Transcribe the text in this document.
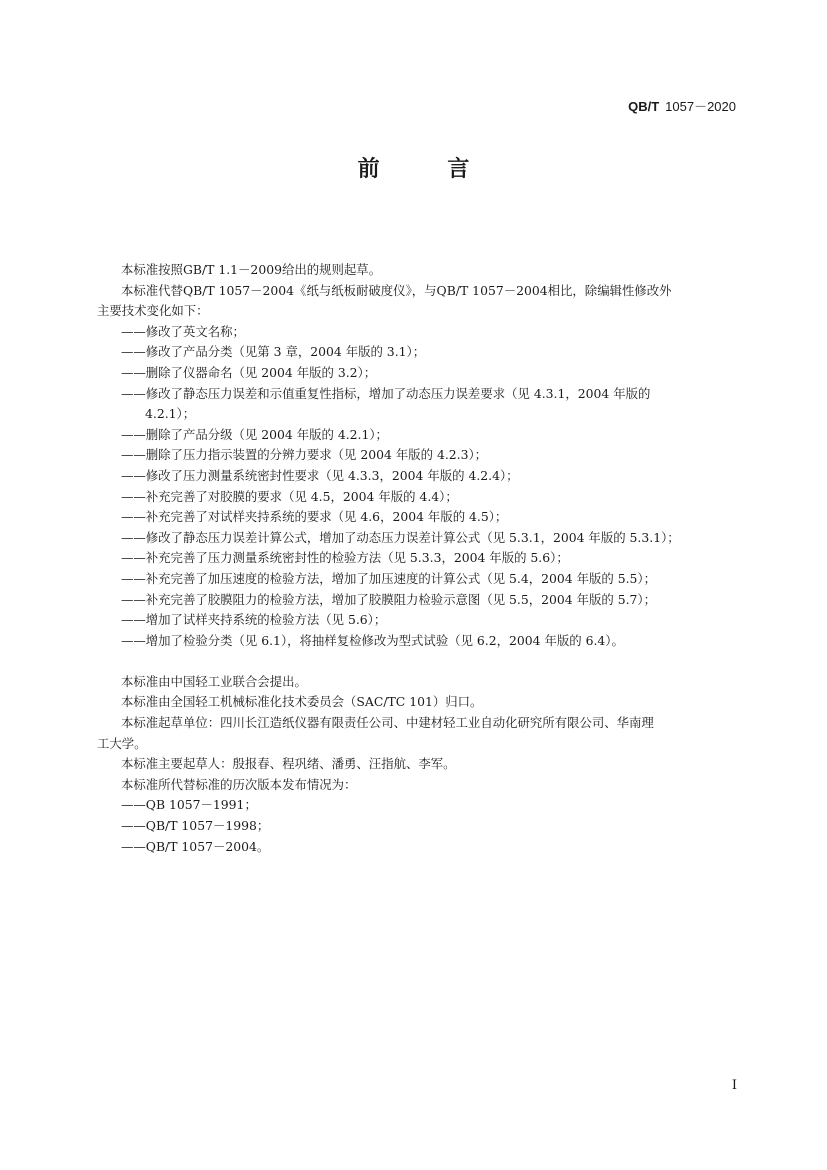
QB/T 1057－2020
前 言

本标准按照GB/T 1.1－2009给出的规则起草。

本标准代替QB/T 1057－2004《纸与纸板耐破度仪》，与QB/T 1057－2004相比，除编辑性修改外

主要技术变化如下：

——修改了英文名称；

——修改了产品分类（见第 3 章，2004 年版的 3.1）；

——删除了仪器命名（见 2004 年版的 3.2）；

——修改了静态压力误差和示值重复性指标，增加了动态压力误差要求（见 4.3.1，2004 年版的

4.2.1）；

——删除了产品分级（见 2004 年版的 4.2.1）；

——删除了压力指示装置的分辨力要求（见 2004 年版的 4.2.3）；

——修改了压力测量系统密封性要求（见 4.3.3，2004 年版的 4.2.4）；

——补充完善了对胶膜的要求（见 4.5，2004 年版的 4.4）；

——补充完善了对试样夹持系统的要求（见 4.6，2004 年版的 4.5）；

——修改了静态压力误差计算公式，增加了动态压力误差计算公式（见 5.3.1，2004 年版的 5.3.1）；

——补充完善了压力测量系统密封性的检验方法（见 5.3.3，2004 年版的 5.6）；

——补充完善了加压速度的检验方法，增加了加压速度的计算公式（见 5.4，2004 年版的 5.5）；

——补充完善了胶膜阻力的检验方法，增加了胶膜阻力检验示意图（见 5.5，2004 年版的 5.7）；

——增加了试样夹持系统的检验方法（见 5.6）；

——增加了检验分类（见 6.1），将抽样复检修改为型式试验（见 6.2，2004 年版的 6.4）。

本标准由中国轻工业联合会提出。

本标准由全国轻工机械标准化技术委员会（SAC/TC 101）归口。

本标准起草单位：四川长江造纸仪器有限责任公司、中建材轻工业自动化研究所有限公司、华南理

工大学。

本标准主要起草人：殷报春、程巩绪、潘勇、汪指航、李军。

本标准所代替标准的历次版本发布情况为：

——QB 1057－1991；

——QB/T 1057－1998；

——QB/T 1057－2004。

I
